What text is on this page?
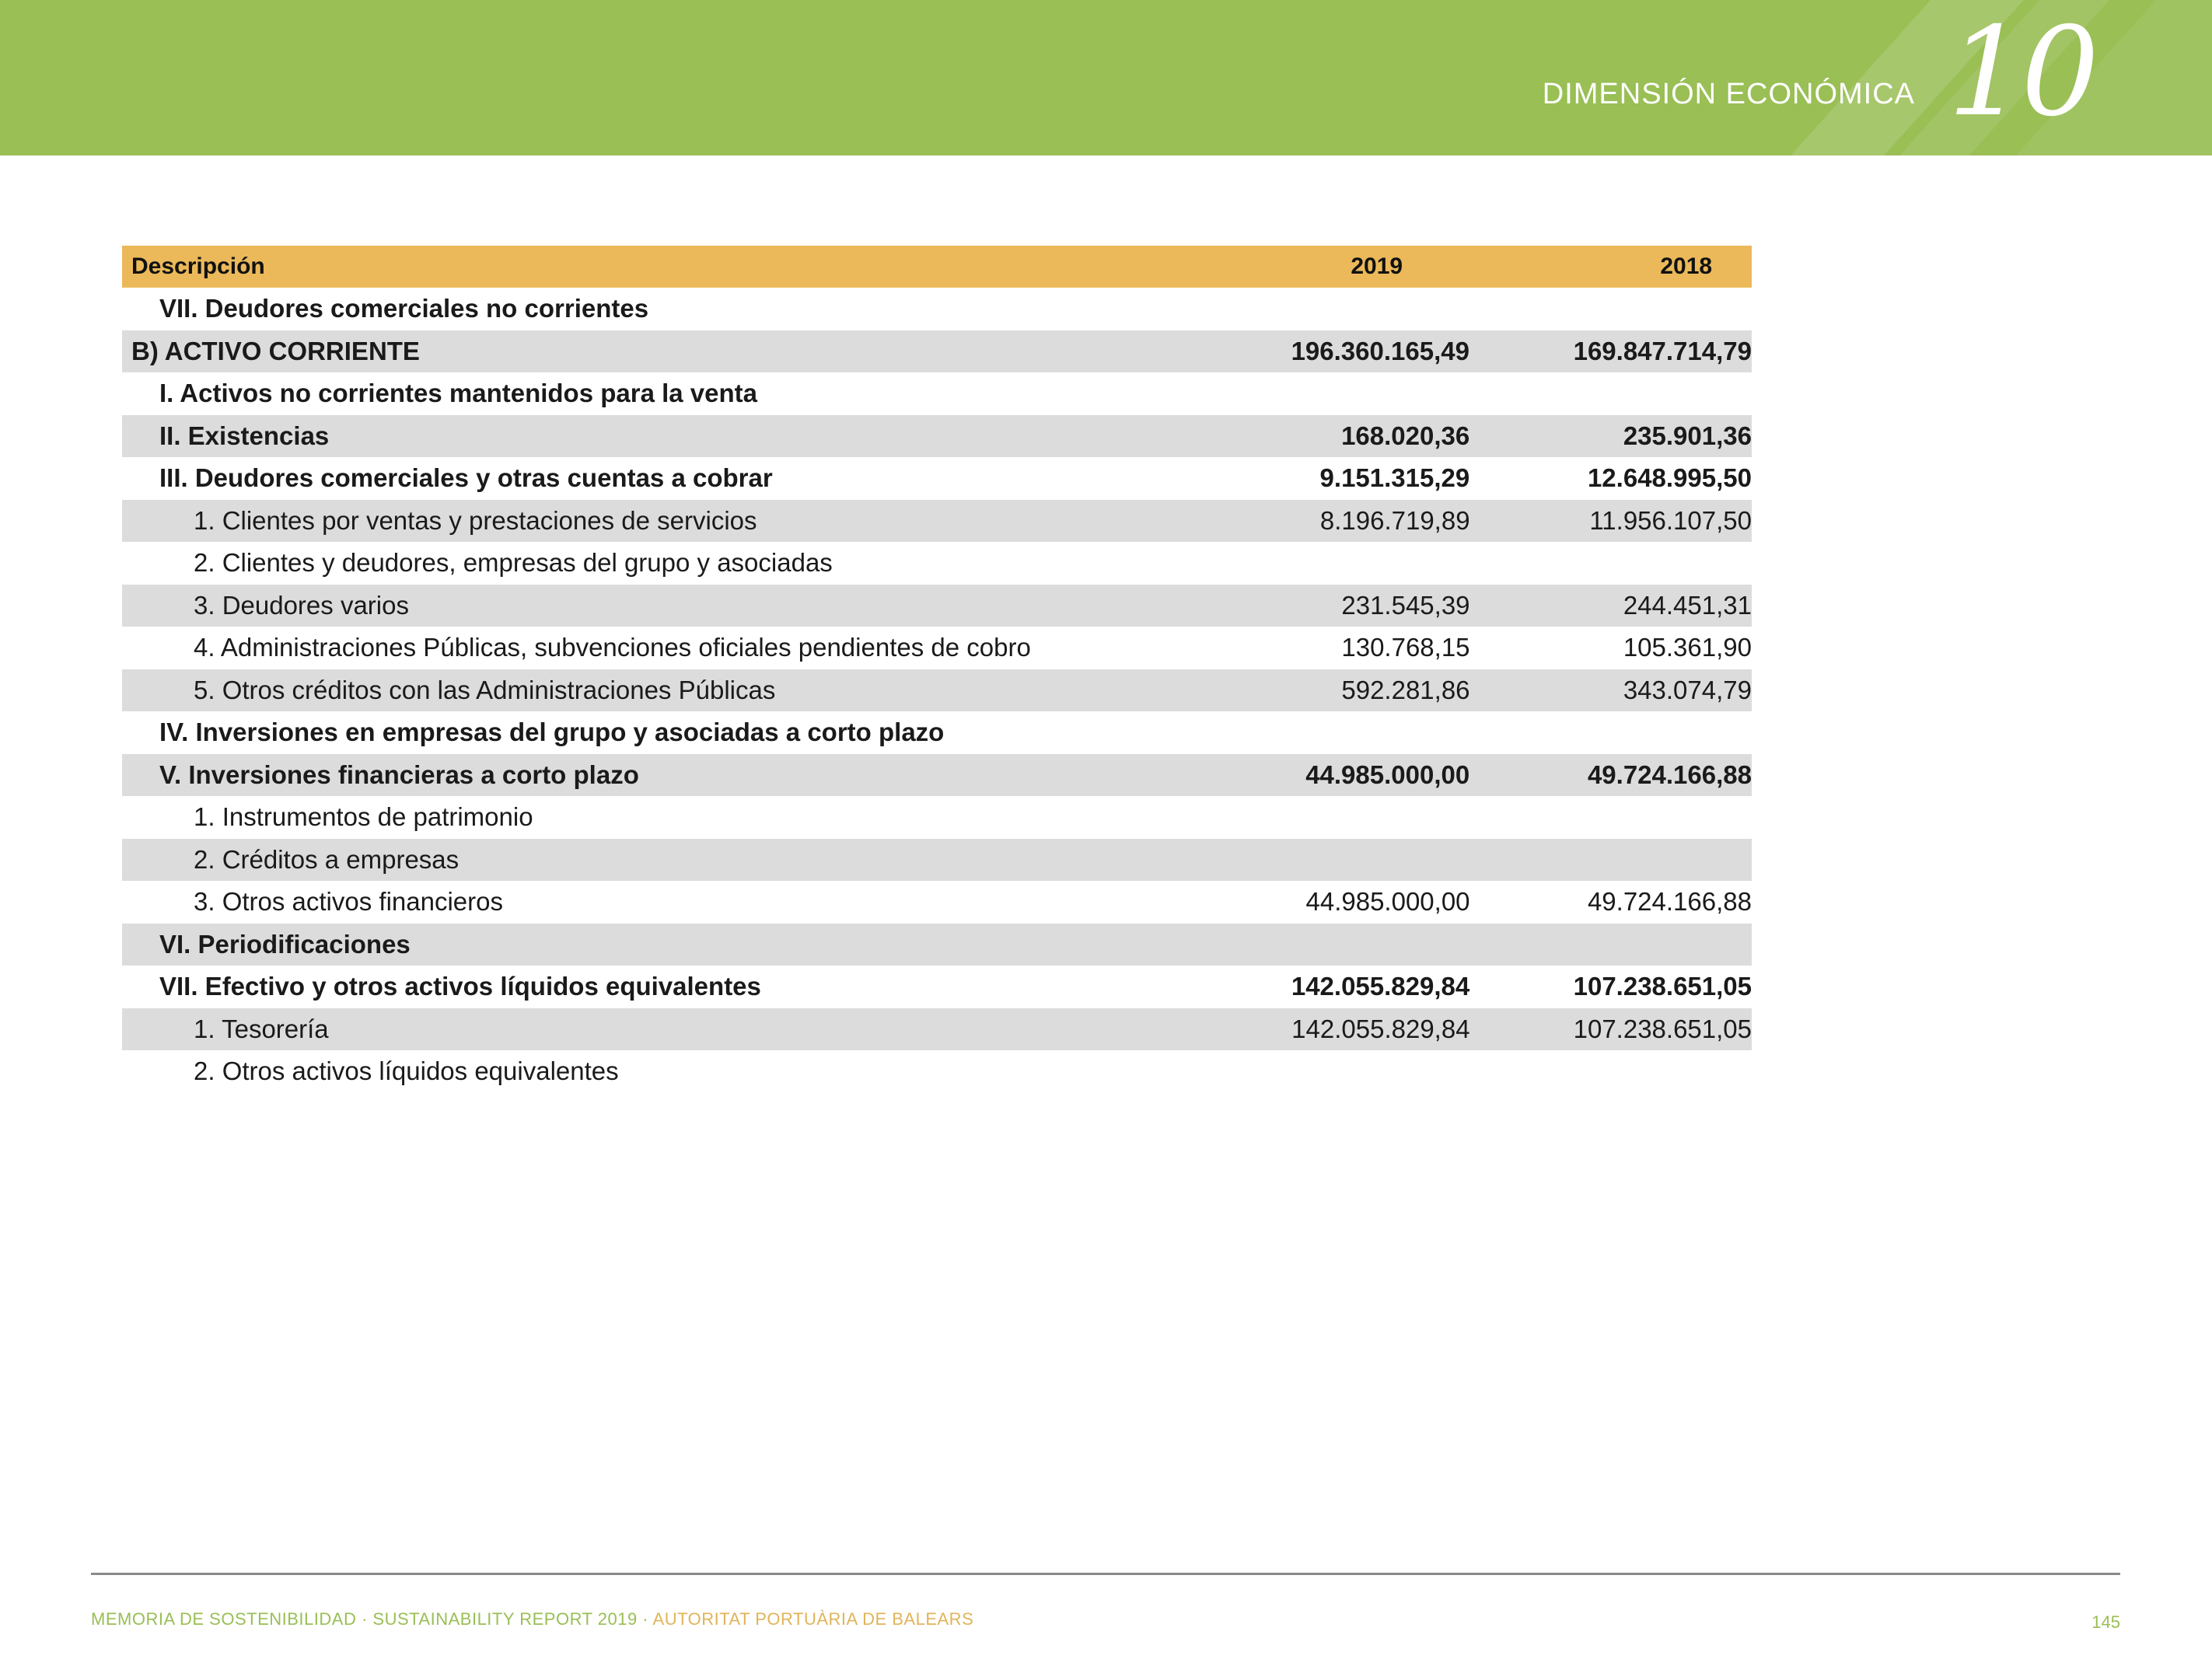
DIMENSIÓN ECONÓMICA 10
Descripción	2019	2018
VII. Deudores comerciales no corrientes
B) ACTIVO CORRIENTE	196.360.165,49	169.847.714,79
I. Activos no corrientes mantenidos para la venta
II. Existencias	168.020,36	235.901,36
III. Deudores comerciales y otras cuentas a cobrar	9.151.315,29	12.648.995,50
1. Clientes por ventas y prestaciones de servicios	8.196.719,89	11.956.107,50
2. Clientes y deudores, empresas del grupo y asociadas
3. Deudores varios	231.545,39	244.451,31
4. Administraciones Públicas, subvenciones oficiales pendientes de cobro	130.768,15	105.361,90
5. Otros créditos con las Administraciones Públicas	592.281,86	343.074,79
IV. Inversiones en empresas del grupo y asociadas a corto plazo
V. Inversiones financieras a corto plazo	44.985.000,00	49.724.166,88
1. Instrumentos de patrimonio
2. Créditos a empresas
3. Otros activos financieros	44.985.000,00	49.724.166,88
VI. Periodificaciones
VII. Efectivo y otros activos líquidos equivalentes	142.055.829,84	107.238.651,05
1. Tesorería	142.055.829,84	107.238.651,05
2. Otros activos líquidos equivalentes
MEMORIA DE SOSTENIBILIDAD · SUSTAINABILITY REPORT 2019 · AUTORITAT PORTUÀRIA DE BALEARS	145
